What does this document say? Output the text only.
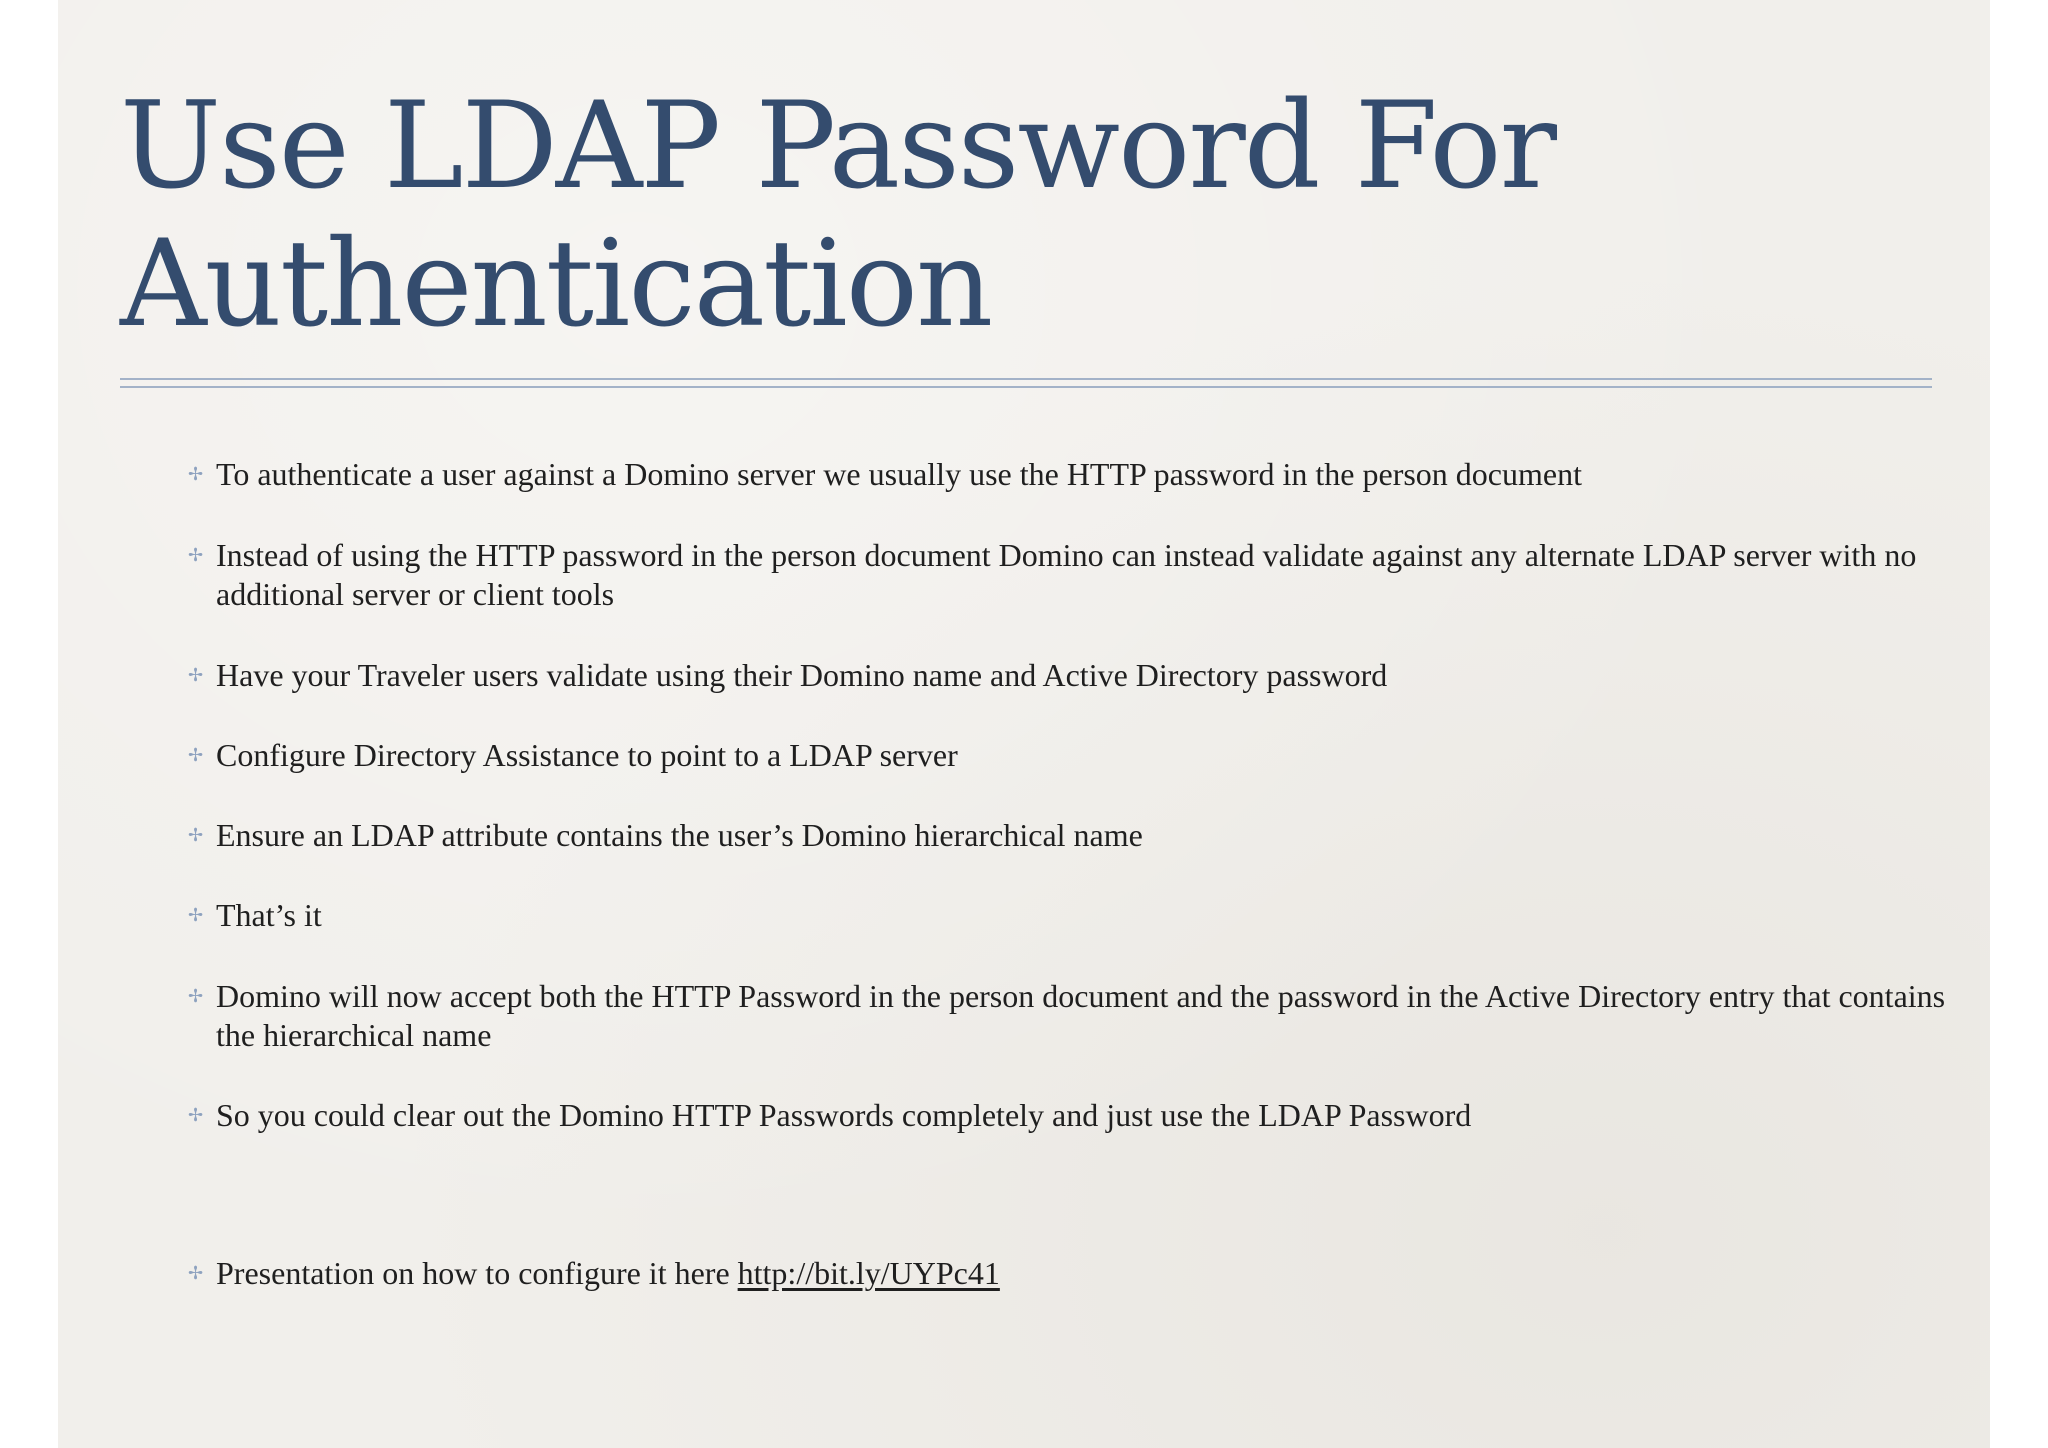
Use LDAP Password For
Authentication
✢ To authenticate a user against a Domino server we usually use the HTTP password in the person document
✢ Instead of using the HTTP password in the person document Domino can instead validate against any alternate LDAP server with no additional server or client tools
✢ Have your Traveler users validate using their Domino name and Active Directory password
✢ Configure Directory Assistance to point to a LDAP server
✢ Ensure an LDAP attribute contains the user’s Domino hierarchical name
✢ That’s it
✢ Domino will now accept both the HTTP Password in the person document and the password in the Active Directory entry that contains the hierarchical name
✢ So you could clear out the Domino HTTP Passwords completely and just use the LDAP Password
✢ Presentation on how to configure it here http://bit.ly/UYPc41
